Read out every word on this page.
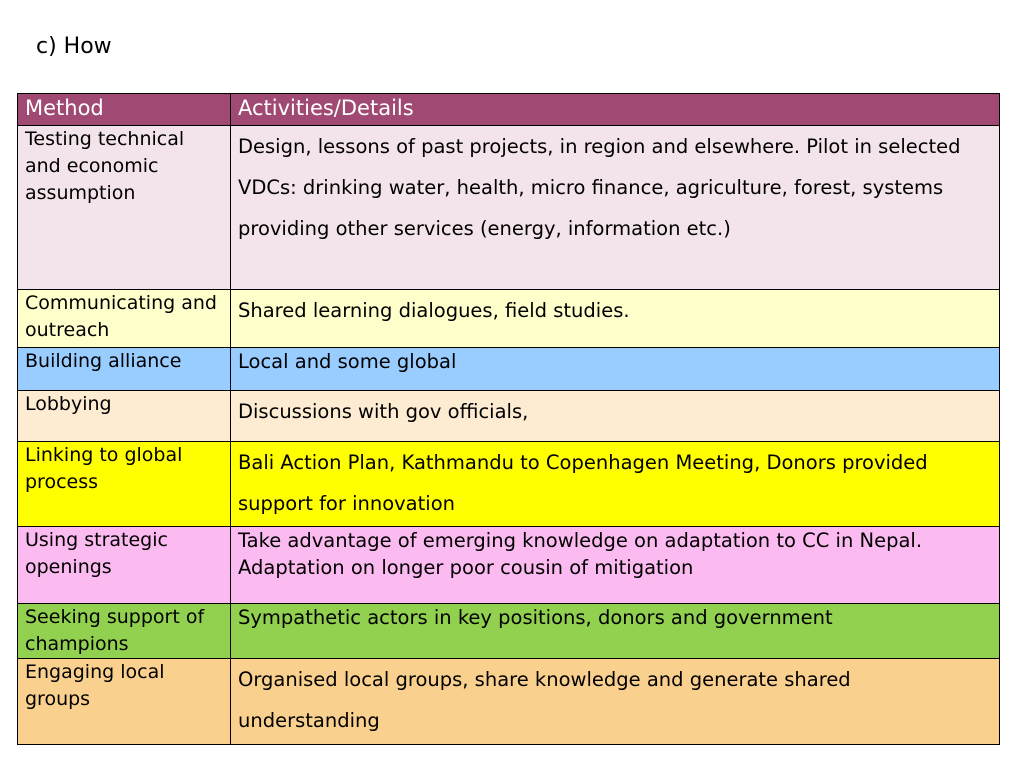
c) How
Method	Activities/Details
Testing technical and economic assumption	Design, lessons of past projects, in region and elsewhere. Pilot in selected VDCs: drinking water, health, micro finance, agriculture, forest, systems providing other services (energy, information etc.)
Communicating and outreach	Shared learning dialogues, field studies.
Building alliance	Local and some global
Lobbying	Discussions with gov officials,
Linking to global process	Bali Action Plan, Kathmandu to Copenhagen Meeting, Donors provided support for innovation
Using strategic openings	Take advantage of emerging knowledge on adaptation to CC in Nepal. Adaptation on longer poor cousin of mitigation
Seeking support of champions	Sympathetic actors in key positions, donors and government
Engaging local groups	Organised local groups, share knowledge and generate shared understanding
